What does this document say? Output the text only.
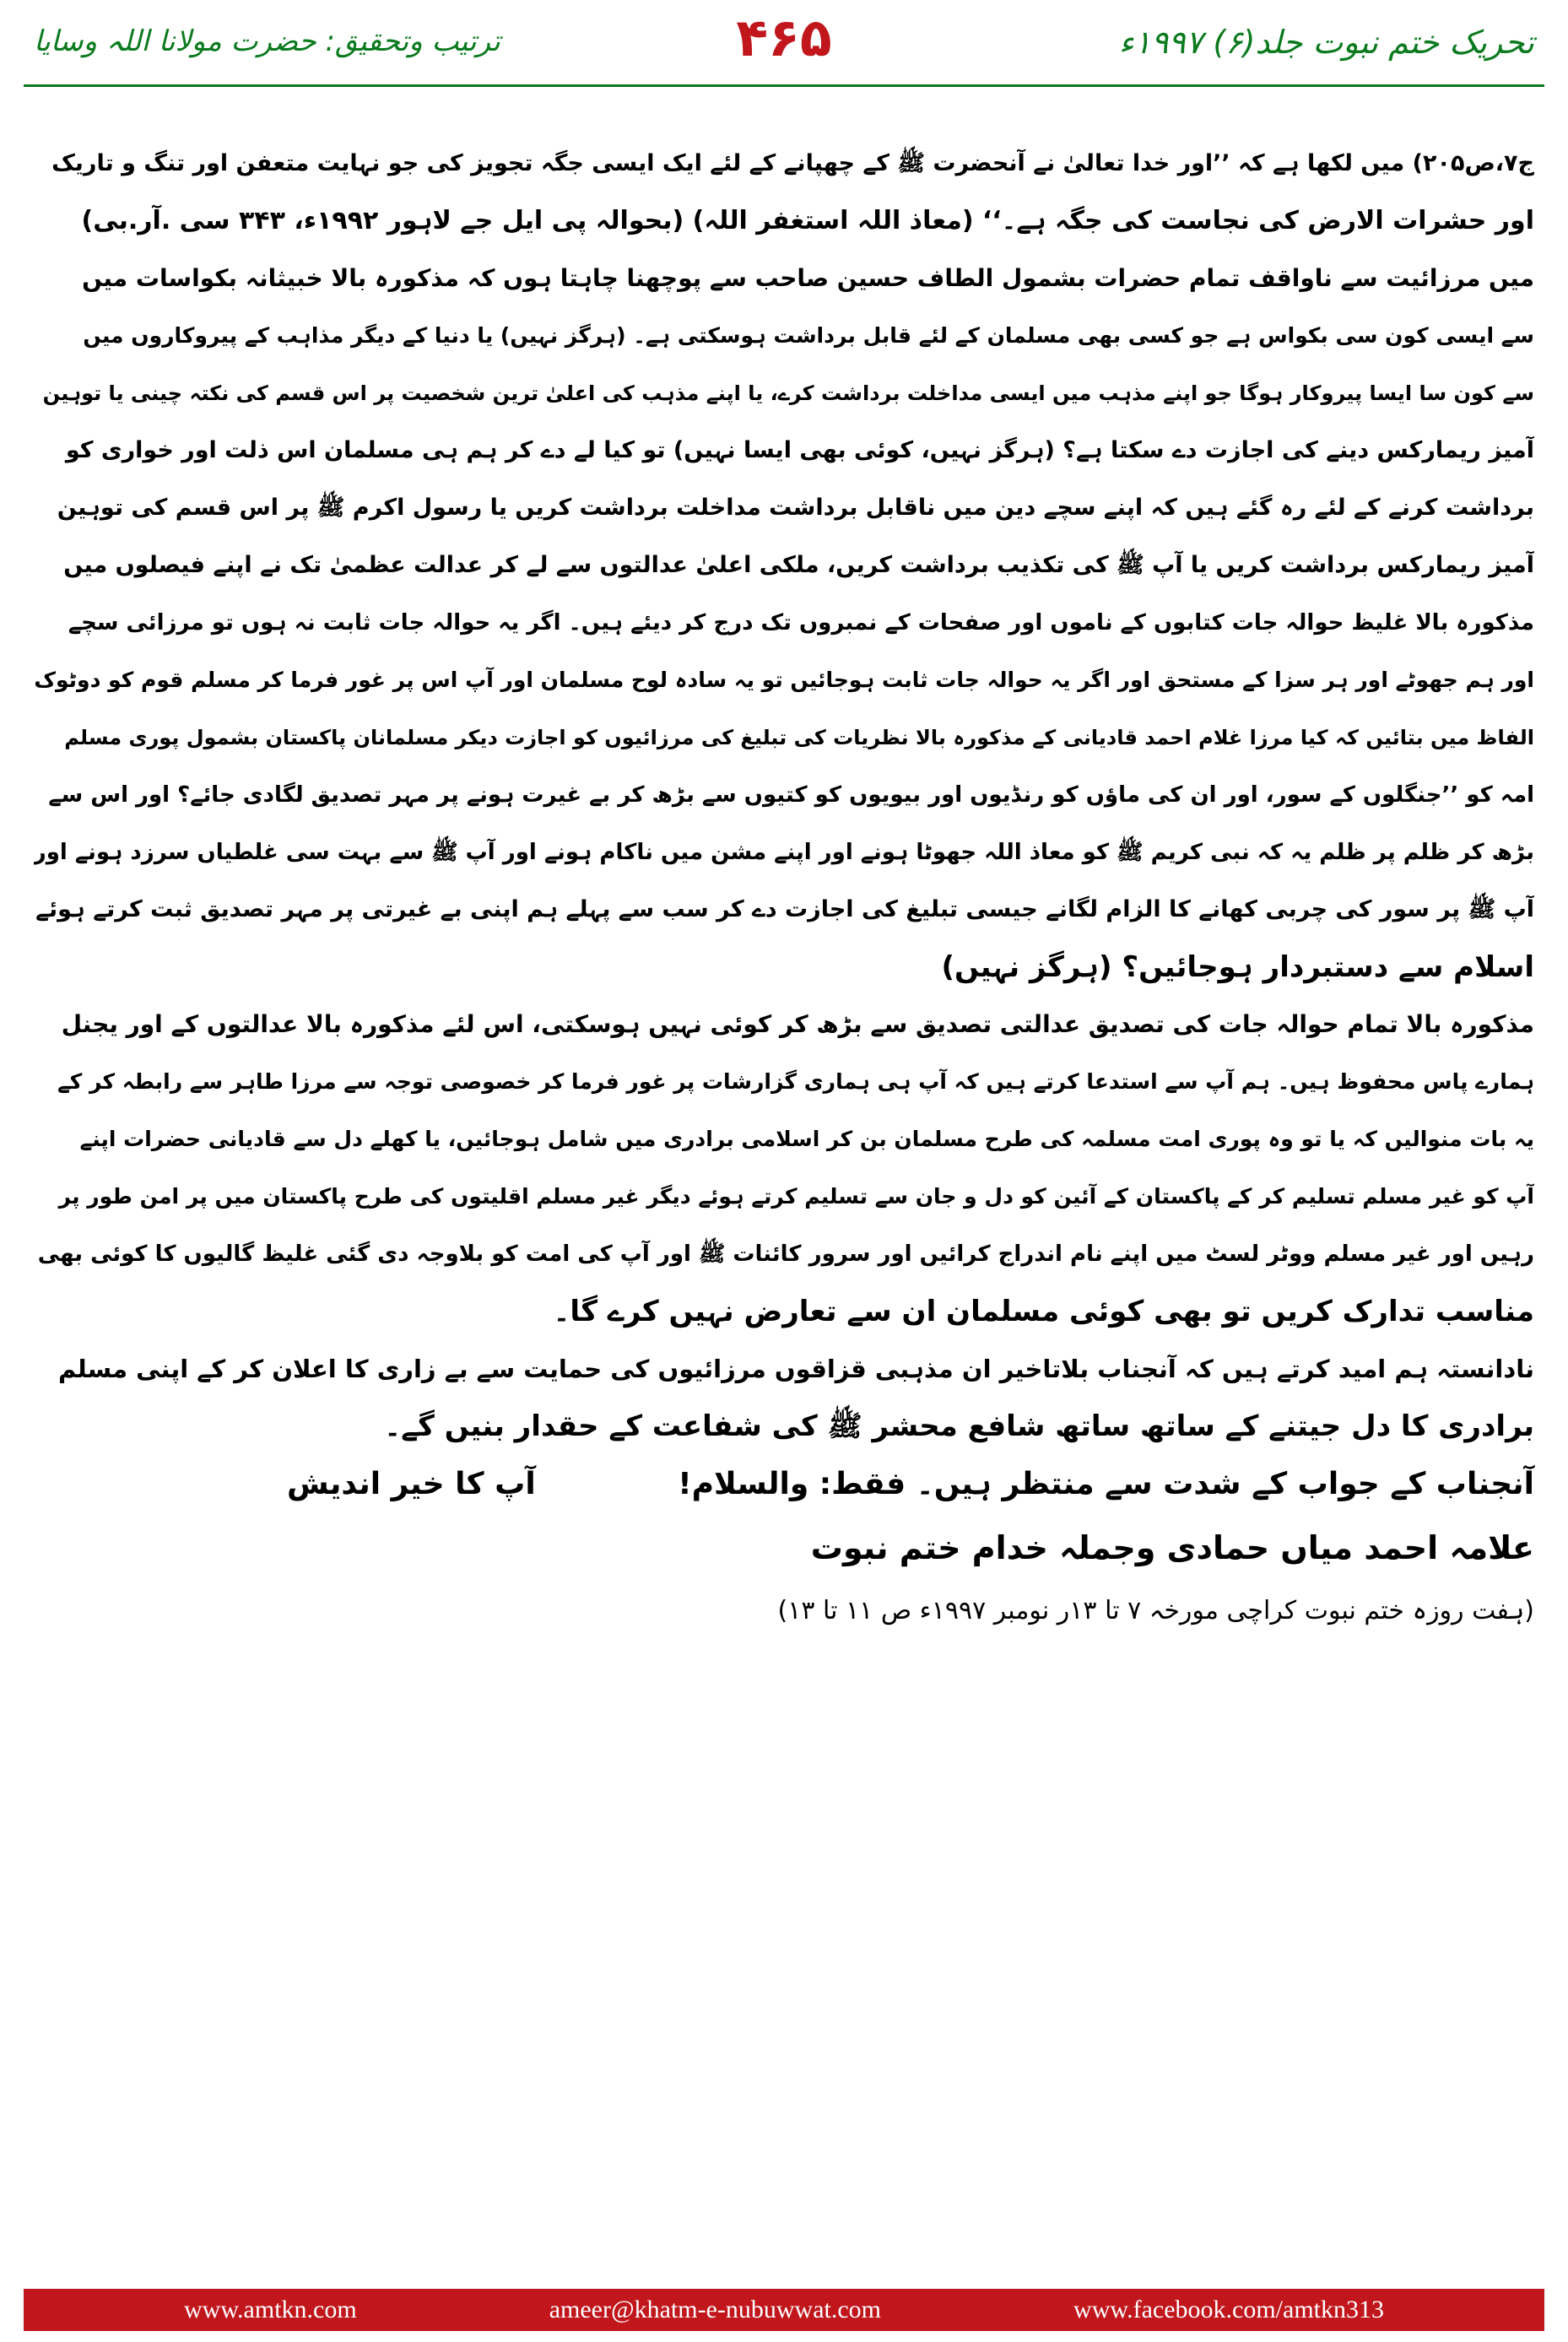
تحریک ختم نبوت جلد(۶) ۱۹۹۷ء
۴۶۵
ترتیب وتحقیق: حضرت مولانا اللہ وسایا
ج۷،ص۲۰۵) میں لکھا ہے کہ ’’اور خدا تعالیٰ نے آنحضرت ﷺ کے چھپانے کے لئے ایک ایسی جگہ تجویز کی جو نہایت متعفن اور تنگ و تاریک
اور حشرات الارض کی نجاست کی جگہ ہے۔‘‘ (معاذ اللہ استغفر اللہ) (بحوالہ پی ایل جے لاہور ۱۹۹۲ء، ۳۴۳ سی .آر.بی)
میں مرزائیت سے ناواقف تمام حضرات بشمول الطاف حسین صاحب سے پوچھنا چاہتا ہوں کہ مذکورہ بالا خبیثانہ بکواسات میں
سے ایسی کون سی بکواس ہے جو کسی بھی مسلمان کے لئے قابل برداشت ہوسکتی ہے۔ (ہرگز نہیں) یا دنیا کے دیگر مذاہب کے پیروکاروں میں
سے کون سا ایسا پیروکار ہوگا جو اپنے مذہب میں ایسی مداخلت برداشت کرے، یا اپنے مذہب کی اعلیٰ ترین شخصیت پر اس قسم کی نکتہ چینی یا توہین
آمیز ریمارکس دینے کی اجازت دے سکتا ہے؟ (ہرگز نہیں، کوئی بھی ایسا نہیں) تو کیا لے دے کر ہم ہی مسلمان اس ذلت اور خواری کو
برداشت کرنے کے لئے رہ گئے ہیں کہ اپنے سچے دین میں ناقابل برداشت مداخلت برداشت کریں یا رسول اکرم ﷺ پر اس قسم کی توہین
آمیز ریمارکس برداشت کریں یا آپ ﷺ کی تکذیب برداشت کریں، ملکی اعلیٰ عدالتوں سے لے کر عدالت عظمیٰ تک نے اپنے فیصلوں میں
مذکورہ بالا غلیظ حوالہ جات کتابوں کے ناموں اور صفحات کے نمبروں تک درج کر دیئے ہیں۔ اگر یہ حوالہ جات ثابت نہ ہوں تو مرزائی سچے
اور ہم جھوٹے اور ہر سزا کے مستحق اور اگر یہ حوالہ جات ثابت ہوجائیں تو یہ سادہ لوح مسلمان اور آپ اس پر غور فرما کر مسلم قوم کو دوٹوک
الفاظ میں بتائیں کہ کیا مرزا غلام احمد قادیانی کے مذکورہ بالا نظریات کی تبلیغ کی مرزائیوں کو اجازت دیکر مسلمانان پاکستان بشمول پوری مسلم
امہ کو ’’جنگلوں کے سور، اور ان کی ماؤں کو رنڈیوں اور بیویوں کو کتیوں سے بڑھ کر بے غیرت ہونے پر مہر تصدیق لگادی جائے؟ اور اس سے
بڑھ کر ظلم پر ظلم یہ کہ نبی کریم ﷺ کو معاذ اللہ جھوٹا ہونے اور اپنے مشن میں ناکام ہونے اور آپ ﷺ سے بہت سی غلطیاں سرزد ہونے اور
آپ ﷺ پر سور کی چربی کھانے کا الزام لگانے جیسی تبلیغ کی اجازت دے کر سب سے پہلے ہم اپنی بے غیرتی پر مہر تصدیق ثبت کرتے ہوئے
اسلام سے دستبردار ہوجائیں؟ (ہرگز نہیں)
مذکورہ بالا تمام حوالہ جات کی تصدیق عدالتی تصدیق سے بڑھ کر کوئی نہیں ہوسکتی، اس لئے مذکورہ بالا عدالتوں کے اور یجنل
ہمارے پاس محفوظ ہیں۔ ہم آپ سے استدعا کرتے ہیں کہ آپ ہی ہماری گزارشات پر غور فرما کر خصوصی توجہ سے مرزا طاہر سے رابطہ کر کے
یہ بات منوالیں کہ یا تو وہ پوری امت مسلمہ کی طرح مسلمان بن کر اسلامی برادری میں شامل ہوجائیں، یا کھلے دل سے قادیانی حضرات اپنے
آپ کو غیر مسلم تسلیم کر کے پاکستان کے آئین کو دل و جان سے تسلیم کرتے ہوئے دیگر غیر مسلم اقلیتوں کی طرح پاکستان میں پر امن طور پر
رہیں اور غیر مسلم ووٹر لسٹ میں اپنے نام اندراج کرائیں اور سرور کائنات ﷺ اور آپ کی امت کو بلاوجہ دی گئی غلیظ گالیوں کا کوئی بھی
مناسب تدارک کریں تو بھی کوئی مسلمان ان سے تعارض نہیں کرے گا۔
نادانستہ ہم امید کرتے ہیں کہ آنجناب بلاتاخیر ان مذہبی قزاقوں مرزائیوں کی حمایت سے بے زاری کا اعلان کر کے اپنی مسلم
برادری کا دل جیتنے کے ساتھ ساتھ شافع محشر ﷺ کی شفاعت کے حقدار بنیں گے۔
آنجناب کے جواب کے شدت سے منتظر ہیں۔ فقط: والسلام!
آپ کا خیر اندیش
علامہ احمد میاں حمادی وجملہ خدام ختم نبوت
(ہفت روزہ ختم نبوت کراچی مورخہ ۷ تا ۱۳ر نومبر ۱۹۹۷ء ص ۱۱ تا ۱۳)
www.amtkn.com	ameer@khatm-e-nubuwwat.com	www.facebook.com/amtkn313
